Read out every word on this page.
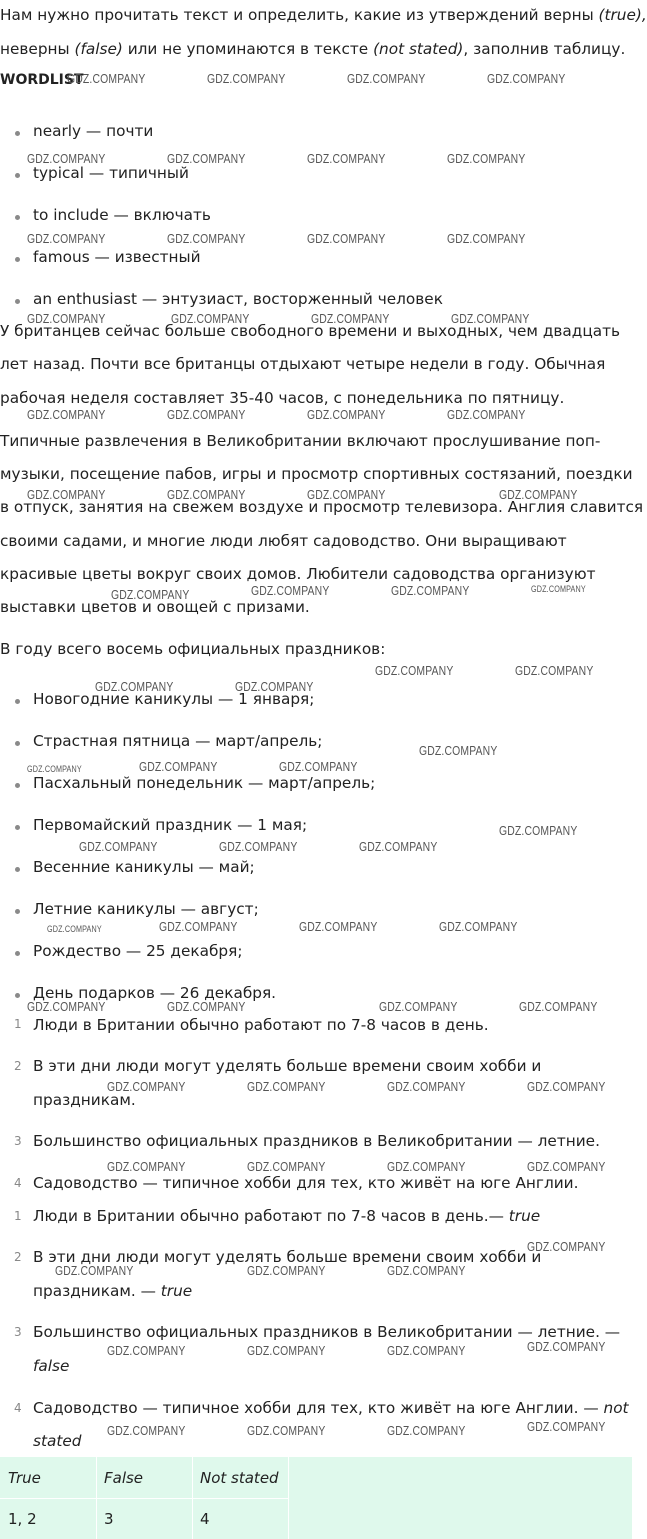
Нам нужно прочитать текст и определить, какие из утверждений верны (true),
неверны (false) или не упоминаются в тексте (not stated), заполнив таблицу.
WORDLIST
nearly — почти
typical — типичный
to include — включать
famous — известный
an enthusiast — энтузиаст, восторженный человек
У британцев сейчас больше свободного времени и выходных, чем двадцать
лет назад. Почти все британцы отдыхают четыре недели в году. Обычная
рабочая неделя составляет 35-40 часов, с понедельника по пятницу.
Типичные развлечения в Великобритании включают прослушивание поп-
музыки, посещение пабов, игры и просмотр спортивных состязаний, поездки
в отпуск, занятия на свежем воздухе и просмотр телевизора. Англия славится
своими садами, и многие люди любят садоводство. Они выращивают
красивые цветы вокруг своих домов. Любители садоводства организуют
выставки цветов и овощей с призами.
В году всего восемь официальных праздников:
Новогодние каникулы — 1 января;
Страстная пятница — март/апрель;
Пасхальный понедельник — март/апрель;
Первомайский праздник — 1 мая;
Весенние каникулы — май;
Летние каникулы — август;
Рождество — 25 декабря;
День подарков — 26 декабря.
1 Люди в Британии обычно работают по 7-8 часов в день.
2 В эти дни люди могут уделять больше времени своим хобби и
праздникам.
3 Большинство официальных праздников в Великобритании — летние.
4 Садоводство — типичное хобби для тех, кто живёт на юге Англии.
1 Люди в Британии обычно работают по 7-8 часов в день.— true
2 В эти дни люди могут уделять больше времени своим хобби и
праздникам. — true
3 Большинство официальных праздников в Великобритании — летние. —
false
4 Садоводство — типичное хобби для тех, кто живёт на юге Англии. — not
stated
True	False	Not stated
1, 2	3	4
GDZ.COMPANY	GDZ.COMPANY	GDZ.COMPANY	GDZ.COMPANY
GDZ.COMPANY	GDZ.COMPANY	GDZ.COMPANY	GDZ.COMPANY
GDZ.COMPANY	GDZ.COMPANY	GDZ.COMPANY	GDZ.COMPANY
GDZ.COMPANY	GDZ.COMPANY	GDZ.COMPANY	GDZ.COMPANY
GDZ.COMPANY	GDZ.COMPANY	GDZ.COMPANY	GDZ.COMPANY
GDZ.COMPANY	GDZ.COMPANY	GDZ.COMPANY	GDZ.COMPANY
GDZ.COMPANY	GDZ.COMPANY	GDZ.COMPANY	GDZ.COMPANY
GDZ.COMPANY	GDZ.COMPANY
GDZ.COMPANY	GDZ.COMPANY
GDZ.COMPANY
GDZ.COMPANY	GDZ.COMPANY	GDZ.COMPANY
GDZ.COMPANY
GDZ.COMPANY	GDZ.COMPANY	GDZ.COMPANY
GDZ.COMPANY	GDZ.COMPANY	GDZ.COMPANY	GDZ.COMPANY
GDZ.COMPANY	GDZ.COMPANY	GDZ.COMPANY	GDZ.COMPANY
GDZ.COMPANY	GDZ.COMPANY	GDZ.COMPANY	GDZ.COMPANY
GDZ.COMPANY	GDZ.COMPANY	GDZ.COMPANY	GDZ.COMPANY
GDZ.COMPANY
GDZ.COMPANY	GDZ.COMPANY	GDZ.COMPANY
GDZ.COMPANY	GDZ.COMPANY	GDZ.COMPANY	GDZ.COMPANY
GDZ.COMPANY	GDZ.COMPANY	GDZ.COMPANY	GDZ.COMPANY
